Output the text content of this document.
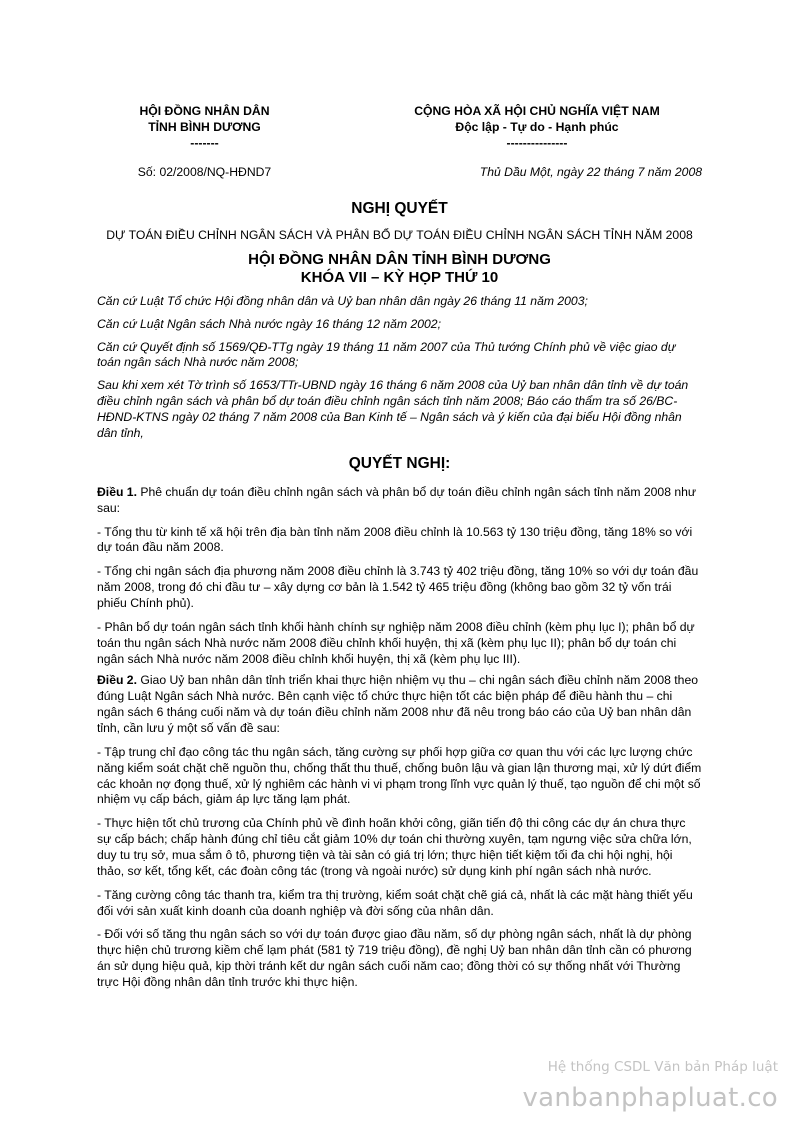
HỘI ĐỒNG NHÂN DÂN
TỈNH BÌNH DƯƠNG
-------
CỘNG HÒA XÃ HỘI CHỦ NGHĨA VIỆT NAM
Độc lập - Tự do - Hạnh phúc
---------------
Số: 02/2008/NQ-HĐND7	Thủ Dầu Một, ngày 22 tháng 7 năm 2008
NGHỊ QUYẾT
DỰ TOÁN ĐIỀU CHỈNH NGÂN SÁCH VÀ PHÂN BỔ DỰ TOÁN ĐIỀU CHỈNH NGÂN SÁCH TỈNH NĂM 2008
HỘI ĐỒNG NHÂN DÂN TỈNH BÌNH DƯƠNG
KHÓA VII – KỲ HỌP THỨ 10

Căn cứ Luật Tổ chức Hội đồng nhân dân và Uỷ ban nhân dân ngày 26 tháng 11 năm 2003;

Căn cứ Luật Ngân sách Nhà nước ngày 16 tháng 12 năm 2002;

Căn cứ Quyết định số 1569/QĐ-TTg ngày 19 tháng 11 năm 2007 của Thủ tướng Chính phủ về việc giao dự toán ngân sách Nhà nước năm 2008;

Sau khi xem xét Tờ trình số 1653/TTr-UBND ngày 16 tháng 6 năm 2008 của Uỷ ban nhân dân tỉnh về dự toán điều chỉnh ngân sách và phân bổ dự toán điều chỉnh ngân sách tỉnh năm 2008; Báo cáo thẩm tra số 26/BC-HĐND-KTNS ngày 02 tháng 7 năm 2008 của Ban Kinh tế – Ngân sách và ý kiến của đại biểu Hội đồng nhân dân tỉnh,

QUYẾT NGHỊ:

Điều 1. Phê chuẩn dự toán điều chỉnh ngân sách và phân bổ dự toán điều chỉnh ngân sách tỉnh năm 2008 như sau:

- Tổng thu từ kinh tế xã hội trên địa bàn tỉnh năm 2008 điều chỉnh là 10.563 tỷ 130 triệu đồng, tăng 18% so với dự toán đầu năm 2008.

- Tổng chi ngân sách địa phương năm 2008 điều chỉnh là 3.743 tỷ 402 triệu đồng, tăng 10% so với dự toán đầu năm 2008, trong đó chi đầu tư – xây dựng cơ bản là 1.542 tỷ 465 triệu đồng (không bao gồm 32 tỷ vốn trái phiếu Chính phủ).

- Phân bổ dự toán ngân sách tỉnh khối hành chính sự nghiệp năm 2008 điều chỉnh (kèm phụ lục I); phân bổ dự toán thu ngân sách Nhà nước năm 2008 điều chỉnh khối huyện, thị xã (kèm phụ lục II); phân bổ dự toán chi ngân sách Nhà nước năm 2008 điều chỉnh khối huyện, thị xã (kèm phụ lục III).

Điều 2. Giao Uỷ ban nhân dân tỉnh triển khai thực hiện nhiệm vụ thu – chi ngân sách điều chỉnh năm 2008 theo đúng Luật Ngân sách Nhà nước. Bên cạnh việc tổ chức thực hiện tốt các biện pháp để điều hành thu – chi ngân sách 6 tháng cuối năm và dự toán điều chỉnh năm 2008 như đã nêu trong báo cáo của Uỷ ban nhân dân tỉnh, cần lưu ý một số vấn đề sau:

- Tập trung chỉ đạo công tác thu ngân sách, tăng cường sự phối hợp giữa cơ quan thu với các lực lượng chức năng kiểm soát chặt chẽ nguồn thu, chống thất thu thuế, chống buôn lậu và gian lận thương mại, xử lý dứt điểm các khoản nợ đọng thuế, xử lý nghiêm các hành vi vi phạm trong lĩnh vực quản lý thuế, tạo nguồn để chi một số nhiệm vụ cấp bách, giảm áp lực tăng lạm phát.

- Thực hiện tốt chủ trương của Chính phủ về đình hoãn khởi công, giãn tiến độ thi công các dự án chưa thực sự cấp bách; chấp hành đúng chỉ tiêu cắt giảm 10% dự toán chi thường xuyên, tạm ngưng việc sửa chữa lớn, duy tu trụ sở, mua sắm ô tô, phương tiện và tài sản có giá trị lớn; thực hiện tiết kiệm tối đa chi hội nghị, hội thảo, sơ kết, tổng kết, các đoàn công tác (trong và ngoài nước) sử dụng kinh phí ngân sách nhà nước.

- Tăng cường công tác thanh tra, kiểm tra thị trường, kiểm soát chặt chẽ giá cả, nhất là các mặt hàng thiết yếu đối với sản xuất kinh doanh của doanh nghiệp và đời sống của nhân dân.

- Đối với số tăng thu ngân sách so với dự toán được giao đầu năm, số dự phòng ngân sách, nhất là dự phòng thực hiện chủ trương kiềm chế lạm phát (581 tỷ 719 triệu đồng), đề nghị Uỷ ban nhân dân tỉnh cần có phương án sử dụng hiệu quả, kịp thời tránh kết dư ngân sách cuối năm cao; đồng thời có sự thống nhất với Thường trực Hội đồng nhân dân tỉnh trước khi thực hiện.

Hệ thống CSDL Văn bản Pháp luật
vanbanphapluat.co
